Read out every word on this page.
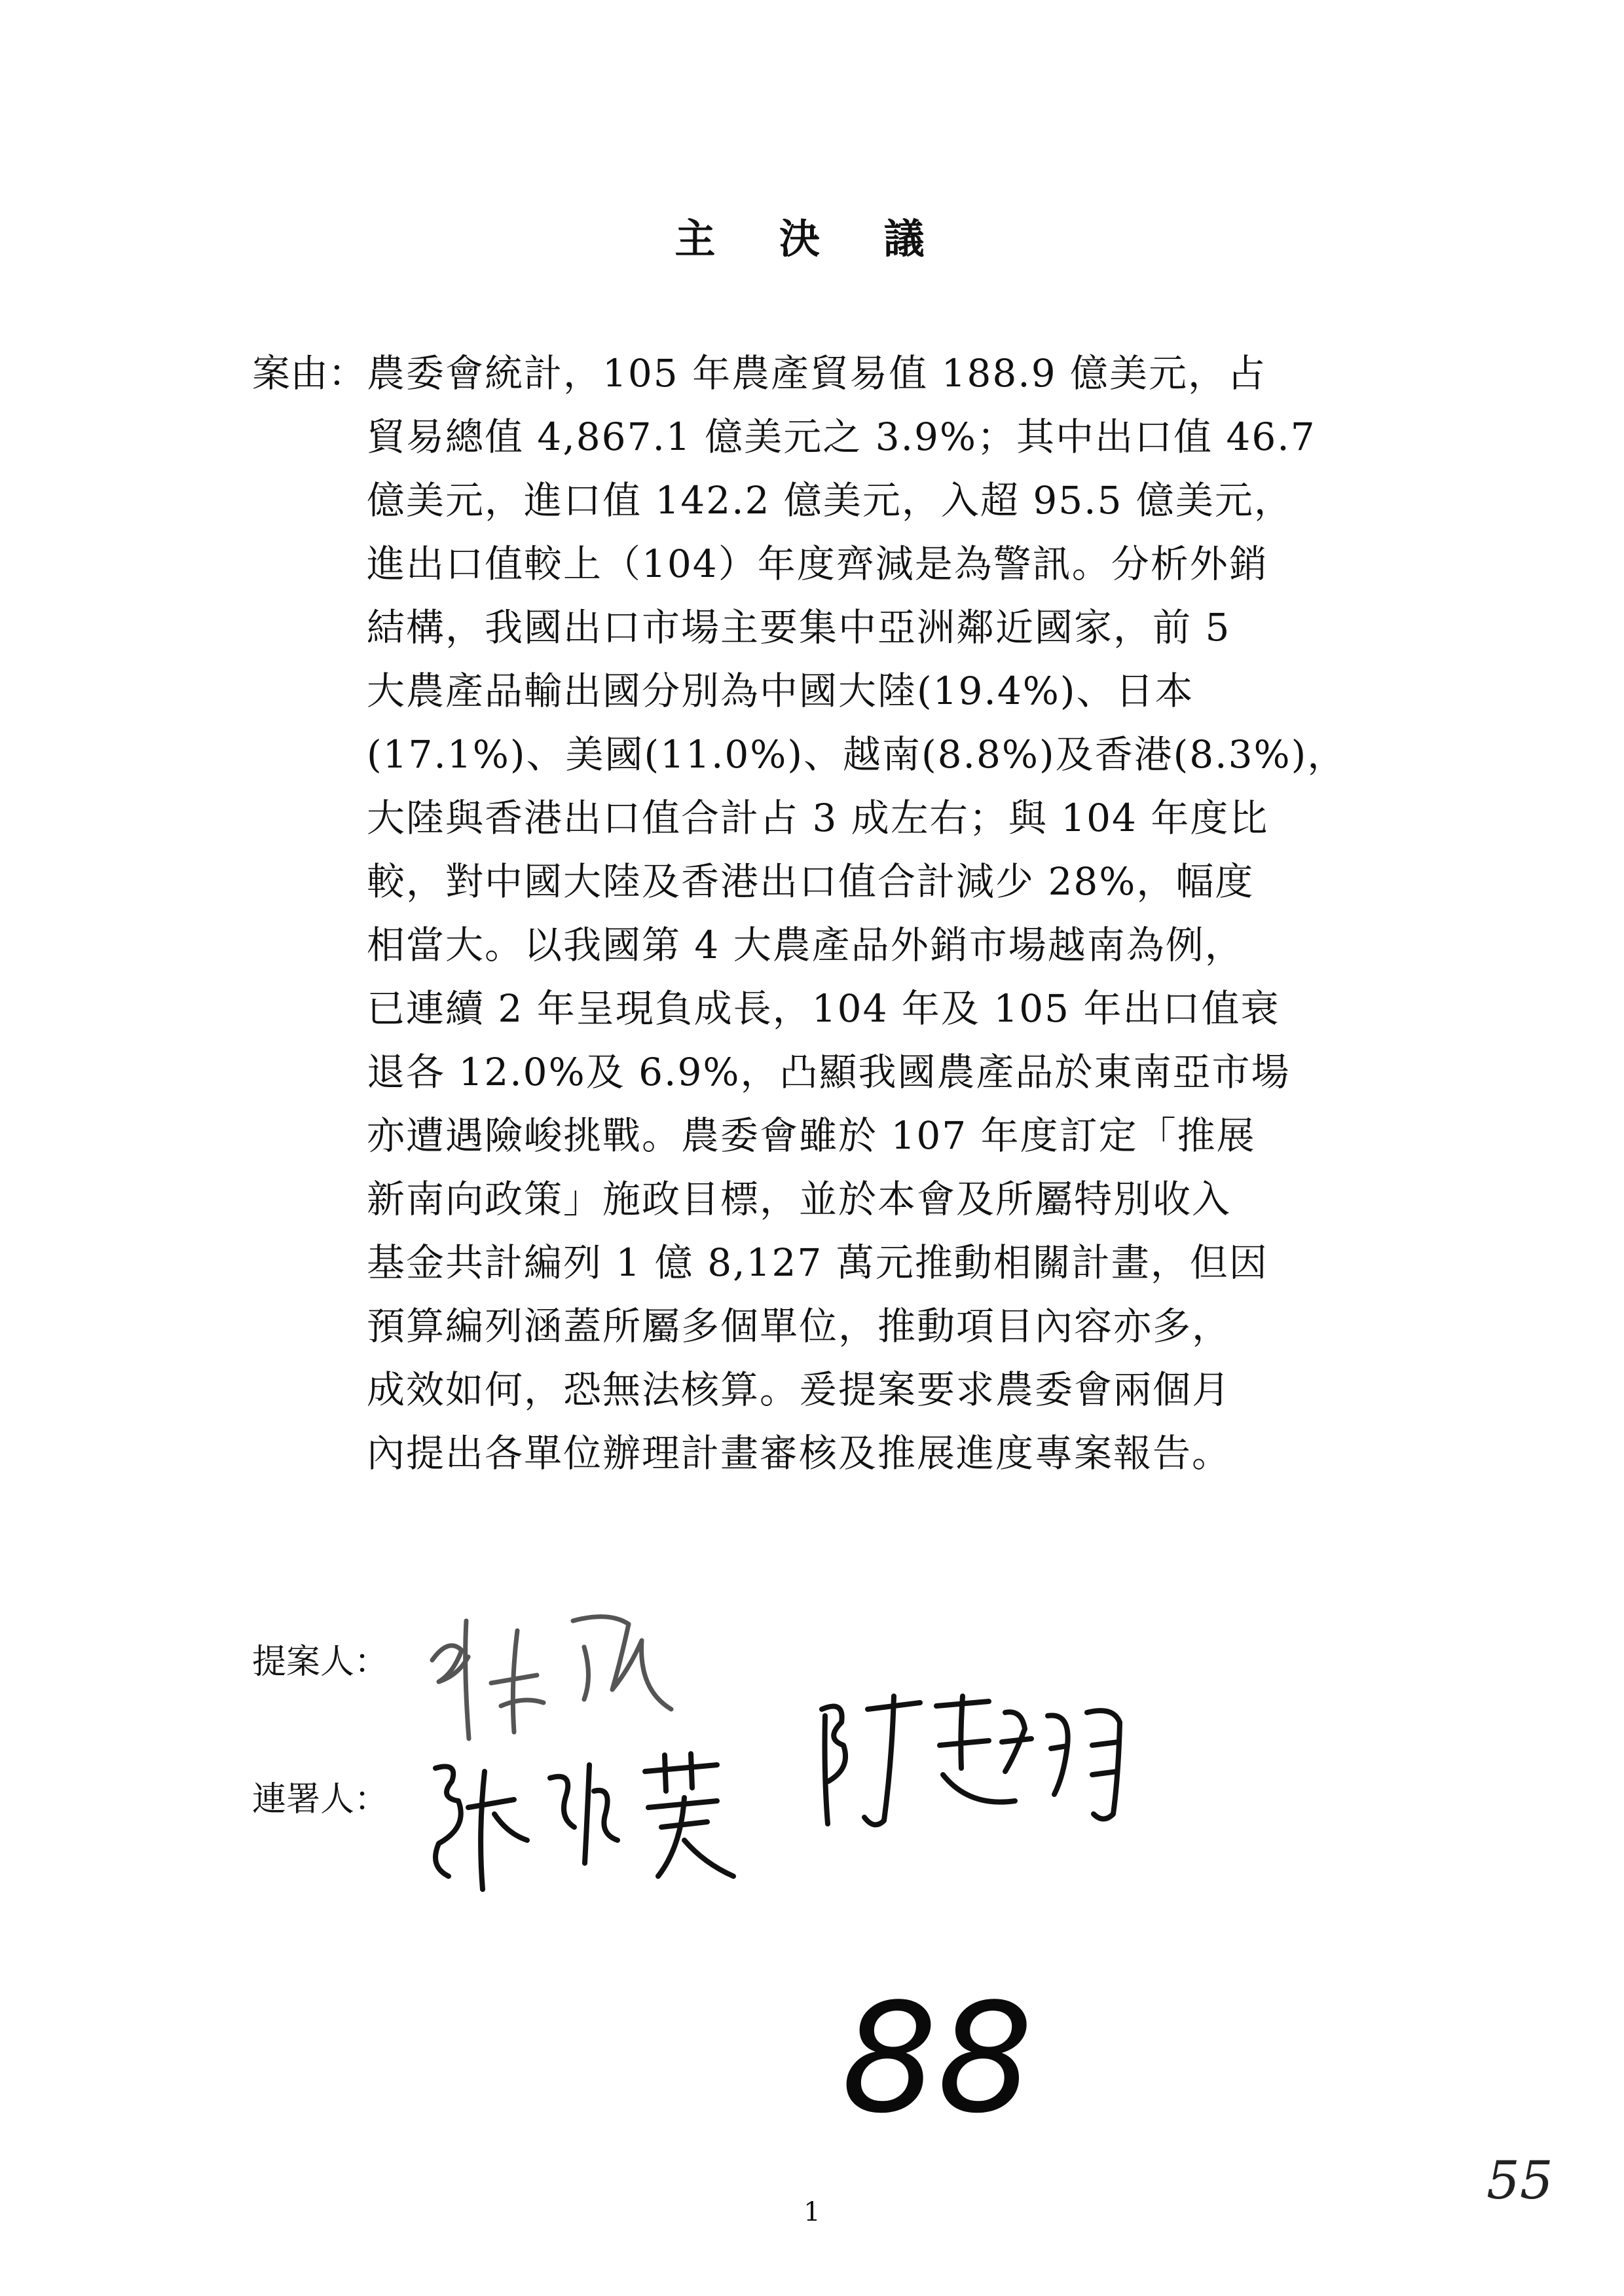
主 決 議
案由： 農委會統計，105 年農產貿易值 188.9 億美元，占
貿易總值 4,867.1 億美元之 3.9%；其中出口值 46.7
億美元，進口值 142.2 億美元，入超 95.5 億美元，
進出口值較上（104）年度齊減是為警訊。分析外銷
結構，我國出口市場主要集中亞洲鄰近國家，前 5
大農產品輸出國分別為中國大陸(19.4%)、日本
(17.1%)、美國(11.0%)、越南(8.8%)及香港(8.3%)，
大陸與香港出口值合計占 3 成左右；與 104 年度比
較，對中國大陸及香港出口值合計減少 28%，幅度
相當大。以我國第 4 大農產品外銷市場越南為例，
已連續 2 年呈現負成長，104 年及 105 年出口值衰
退各 12.0%及 6.9%，凸顯我國農產品於東南亞市場
亦遭遇險峻挑戰。農委會雖於 107 年度訂定「推展
新南向政策」施政目標，並於本會及所屬特別收入
基金共計編列 1 億 8,127 萬元推動相關計畫，但因
預算編列涵蓋所屬多個單位，推動項目內容亦多，
成效如何，恐無法核算。爰提案要求農委會兩個月
內提出各單位辦理計畫審核及推展進度專案報告。
提案人：
連署人：
88
1
55
